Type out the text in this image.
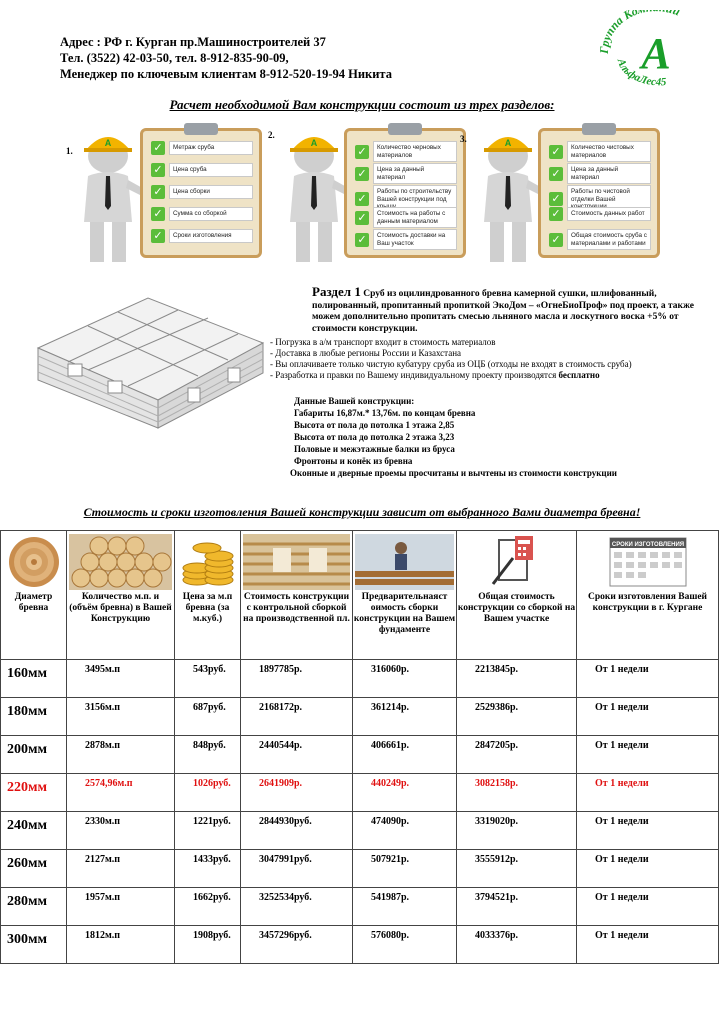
Адрес : РФ г. Курган пр.Машиностроителей 37
Тел. (3522) 42-03-50, тел. 8-912-835-90-09,
Менеджер по ключевым клиентам 8-912-520-19-94 Никита
Группа Ко й
А
АльфаЛес45
Расчет необходимой Вам конструкции состоит из трех разделов:
1.
A	✓	Метраж сруба
✓	Цена сруба
✓	Цена сборки
✓	Сумма со сборкой
✓	Сроки изготовления
2.
A
✓	Количество черновых материалов
✓	Цена за данный материал
✓
Работы по строительству Вашей конструкции под
✓	Стоимость на работы с данным материалом
✓	Стоимость доставки на Ваш участок
3.	A
✓	Количество чистовых материалов
✓	Цена за данный материал
✓
Работы по чистовой отделки Вашей
✓	Стоимость данных работ
✓	Общая стоимость сруба с материалами и работами
Раздел 1 Сруб из оцилиндрованного бревна камерной сушки, шлифованный, полированный, пропитанный пропиткой ЭкоДом – «ОгнеБиоПроф» под проект, а также можем дополнительно пропитать смесью льняного масла и лоскутного воска +5% от стоимости конструкции.
- Погрузка в а/м транспорт входит в стоимость материалов
- Доставка в любые регионы России и Казахстана
- Вы оплачиваете только чистую кубатуру сруба из ОЦБ (отходы не входят в стоимость сруба)
- Разработка и правки по Вашему индивидуальному проекту производятся бесплатно
Данные Вашей конструкции:
Габариты 16,87м.* 13,76м. по концам бревна
Высота от пола до потолка 1 этажа 2,85
Высота от пола до потолка 2 этажа 3,23
Половые и межэтажные балки из бруса
Фронтоны и конёк из бревна
Оконные и дверные проемы просчитаны и вычтены из стоимости конструкции
Стоимость и сроки изготовления Вашей конструкции зависит от выбранного Вами диаметра бревна!
Диаметр бревна	Количество м.п. и (объём бревна) в Вашей Конструкцию	Цена за м.п бревна (за м.куб.)	Стоимость конструкции с контрольной сборкой на производственной пл.	Предварительнаяст оимость сборки конструкции на Вашем фундаменте	Общая стоимость конструкции со сборкой на Вашем участке	СРОКИ ИЗГОТОВЛЕНИЯ
Сроки изготовления Вашей конструкции в г. Кургане

160мм	3495м.п	543руб.	1897785р.	316060р.	2213845р.	От 1 недели
180мм	3156м.п	687руб.	2168172р.	361214р.	2529386р.	От 1 недели
200мм	2878м.п	848руб.	2440544р.	406661р.	2847205р.	От 1 недели
220мм	2574,96м.п	1026руб.	2641909р.	440249р.	3082158р.	От 1 недели
240мм	2330м.п	1221руб.	2844930руб.	474090р.	3319020р.	От 1 недели
260мм	2127м.п	1433руб.	3047991руб.	507921р.	3555912р.	От 1 недели
280мм	1957м.п	1662руб.	3252534руб.	541987р.	3794521р.	От 1 недели
300мм	1812м.п	1908руб.	3457296руб.	576080р.	4033376р.	От 1 недели
